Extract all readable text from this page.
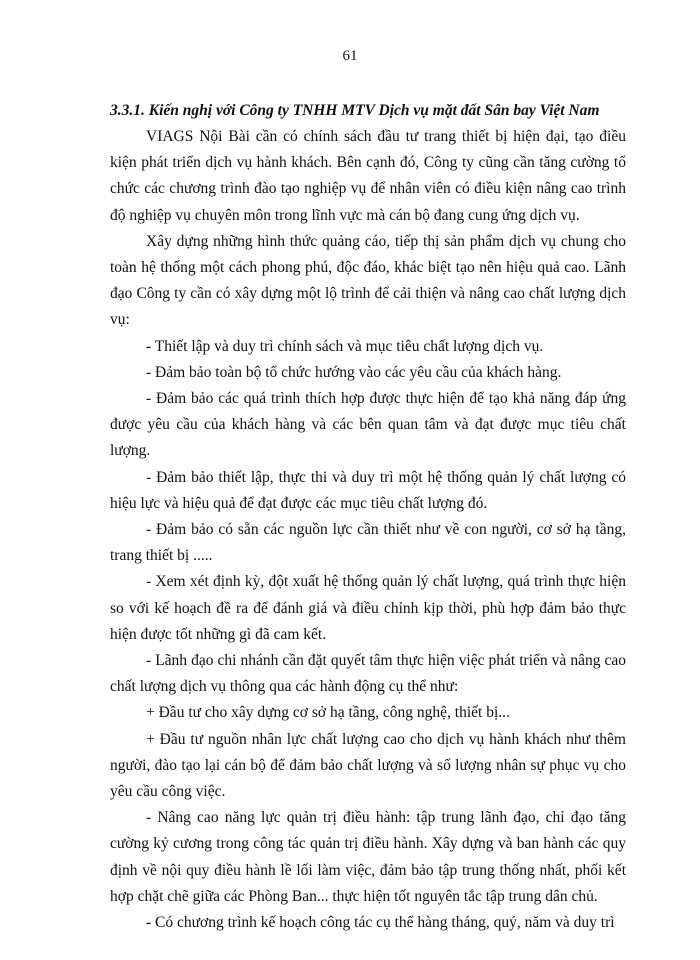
61
3.3.1. Kiến nghị với Công ty TNHH MTV Dịch vụ mặt đất Sân bay Việt Nam

VIAGS Nội Bài cần có chính sách đầu tư trang thiết bị hiện đại, tạo điều kiện phát triển dịch vụ hành khách. Bên cạnh đó, Công ty cũng cần tăng cường tổ chức các chương trình đào tạo nghiệp vụ để nhân viên có điều kiện nâng cao trình độ nghiệp vụ chuyên môn trong lĩnh vực mà cán bộ đang cung ứng dịch vụ.

Xây dựng những hình thức quảng cáo, tiếp thị sản phẩm dịch vụ chung cho toàn hệ thống một cách phong phú, độc đáo, khác biệt tạo nên hiệu quả cao. Lãnh đạo Công ty cần có xây dựng một lộ trình để cải thiện và nâng cao chất lượng dịch vụ:

- Thiết lập và duy trì chính sách và mục tiêu chất lượng dịch vụ.

- Đảm bảo toàn bộ tổ chức hướng vào các yêu cầu của khách hàng.

- Đảm bảo các quá trình thích hợp được thực hiện để tạo khả năng đáp ứng được yêu cầu của khách hàng và các bên quan tâm và đạt được mục tiêu chất lượng.

- Đảm bảo thiết lập, thực thi và duy trì một hệ thống quản lý chất lượng có hiệu lực và hiệu quả để đạt được các mục tiêu chất lượng đó.

- Đảm bảo có sẵn các nguồn lực cần thiết như về con người, cơ sở hạ tầng, trang thiết bị .....

- Xem xét định kỳ, đột xuất hệ thống quản lý chất lượng, quá trình thực hiện so với kế hoạch đề ra để đánh giá và điều chỉnh kịp thời, phù hợp đảm bảo thực hiện được tốt những gì đã cam kết.

- Lãnh đạo chi nhánh cần đặt quyết tâm thực hiện việc phát triển và nâng cao chất lượng dịch vụ thông qua các hành động cụ thể như:

+ Đầu tư cho xây dựng cơ sở hạ tầng, công nghệ, thiết bị...

+ Đầu tư nguồn nhân lực chất lượng cao cho dịch vụ hành khách như thêm người, đào tạo lại cán bộ để đảm bảo chất lượng và số lượng nhân sự phục vụ cho yêu cầu công việc.

- Nâng cao năng lực quản trị điều hành: tập trung lãnh đạo, chỉ đạo tăng cường kỷ cương trong công tác quản trị điều hành. Xây dựng và ban hành các quy định về nội quy điều hành lề lối làm việc, đảm bảo tập trung thống nhất, phối kết hợp chặt chẽ giữa các Phòng Ban... thực hiện tốt nguyên tắc tập trung dân chủ.

- Có chương trình kế hoạch công tác cụ thể hàng tháng, quý, năm và duy trì
